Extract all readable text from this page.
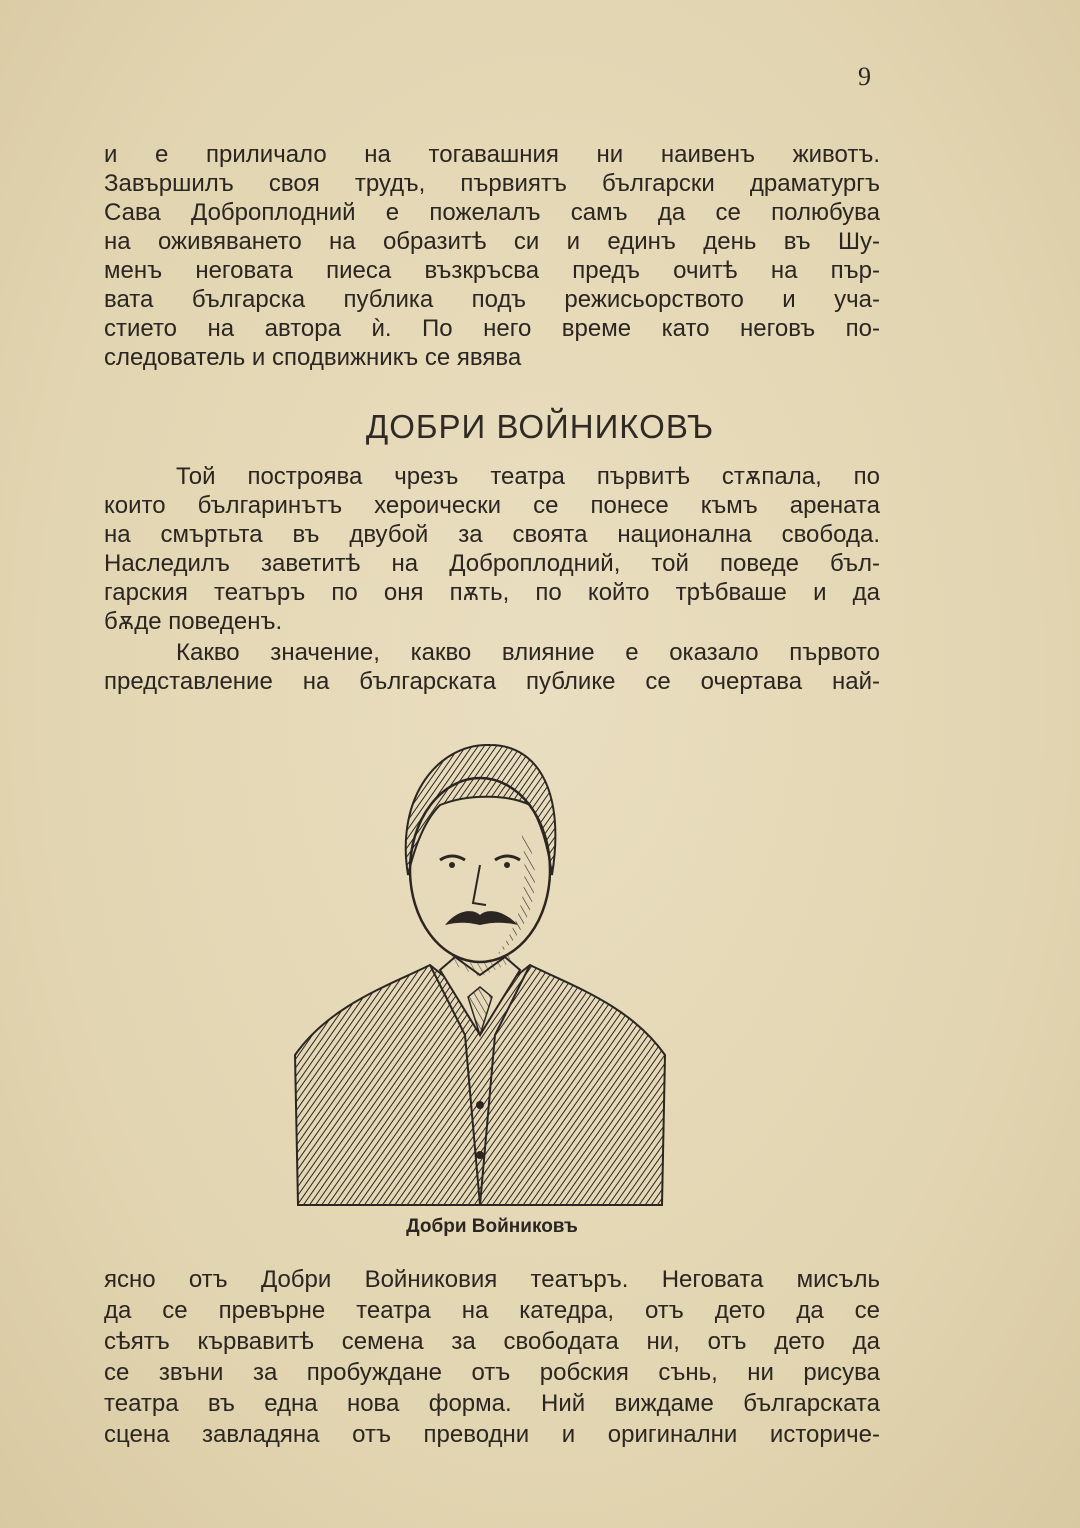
9
и е приличало на тогавашния ни наивенъ животъ.
Завършилъ своя трудъ, първиятъ български драматургъ
Сава Доброплодний е пожелалъ самъ да се полюбува
на оживяването на образитѣ си и единъ день въ Шу-
менъ неговата пиеса възкръсва предъ очитѣ на пър-
вата българска публика подъ режисьорството и уча-
стието на автора ѝ. По него време като неговъ по-
следователь и сподвижникъ се явява
ДОБРИ ВОЙНИКОВЪ
Той построява чрезъ театра първитѣ стѫпала, по
които българинътъ хероически се понесе къмъ арената
на смъртьта въ двубой за своята национална свобода.
Наследилъ заветитѣ на Доброплодний, той поведе бъл-
гарския театъръ по оня пѫть, по който трѣбваше и да
бѫде поведенъ.
Какво значение, какво влияние е оказало първото
представление на българската публике се очертава най-
Добри Войниковъ
ясно отъ Добри Войниковия театъръ. Неговата мисъль
да се превърне театра на катедра, отъ дето да се
сѣятъ кървавитѣ семена за свободата ни, отъ дето да
се звъни за пробуждане отъ робския сънь, ни рисува
театра въ една нова форма. Ний виждаме българската
сцена завладяна отъ преводни и оригинални историче-
